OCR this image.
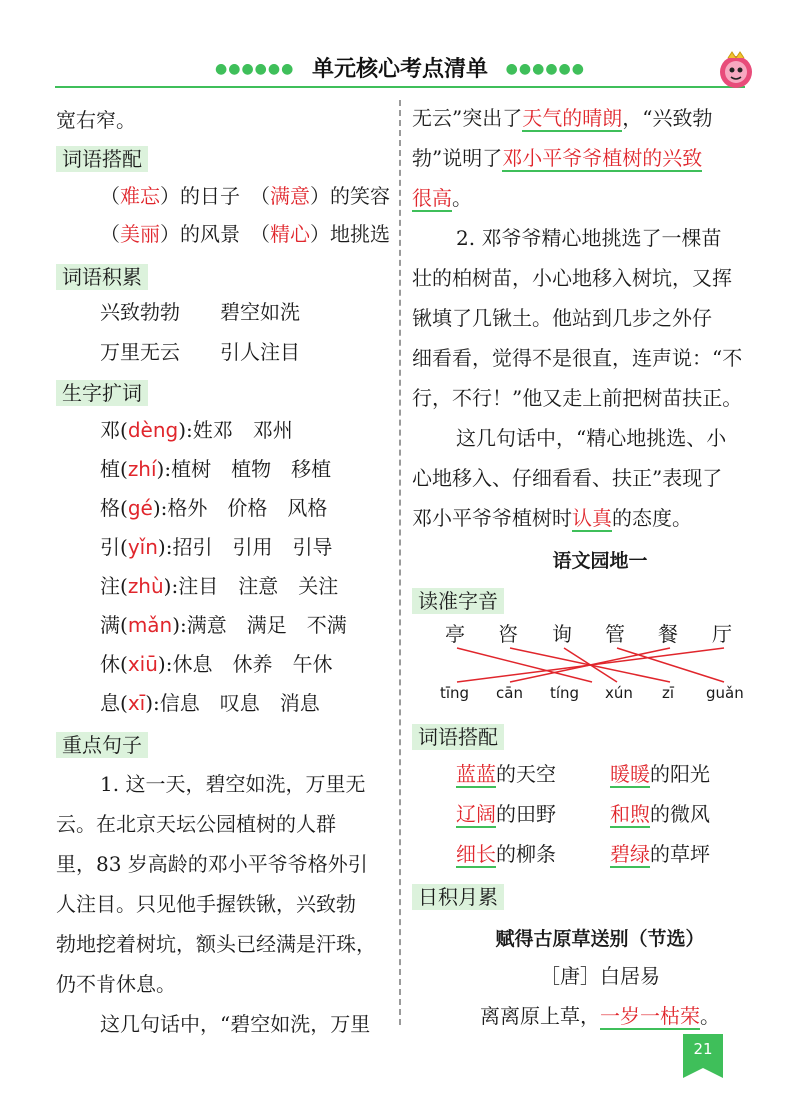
●●●●●● 单元核心考点清单 ●●●●●●
宽右窄。
词语搭配
（难忘）的日子　（满意）的笑容
（美丽）的风景　（精心）地挑选
词语积累
兴致勃勃 碧空如洗
万里无云 引人注目
生字扩词
邓(dèng):姓邓　邓州
植(zhí):植树　植物　移植
格(gé):格外　价格　风格
引(yǐn):招引　引用　引导
注(zhù):注目　注意　关注
满(mǎn):满意　满足　不满
休(xiū):休息　休养　午休
息(xī):信息　叹息　消息
重点句子
1. 这一天，碧空如洗，万里无
云。在北京天坛公园植树的人群
里，83 岁高龄的邓小平爷爷格外引
人注目。只见他手握铁锹，兴致勃
勃地挖着树坑，额头已经满是汗珠，
仍不肯休息。
这几句话中，“碧空如洗，万里
无云”突出了天气的晴朗，“兴致勃
勃”说明了邓小平爷爷植树的兴致
很高。
2. 邓爷爷精心地挑选了一棵苗
壮的柏树苗，小心地移入树坑，又挥
锹填了几锹土。他站到几步之外仔
细看看，觉得不是很直，连声说：“不
行，不行！”他又走上前把树苗扶正。
这几句话中，“精心地挑选、小
心地移入、仔细看看、扶正”表现了
邓小平爷爷植树时认真的态度。
语文园地一
读准字音
亭 咨 询 管 餐 厅
tīng cān tíng xún zī guǎn
词语搭配
蓝蓝的天空	暖暖的阳光
辽阔的田野	和煦的微风
细长的柳条	碧绿的草坪
日积月累
赋得古原草送别（节选）
［唐］白居易
离离原上草，一岁一枯荣。
21
